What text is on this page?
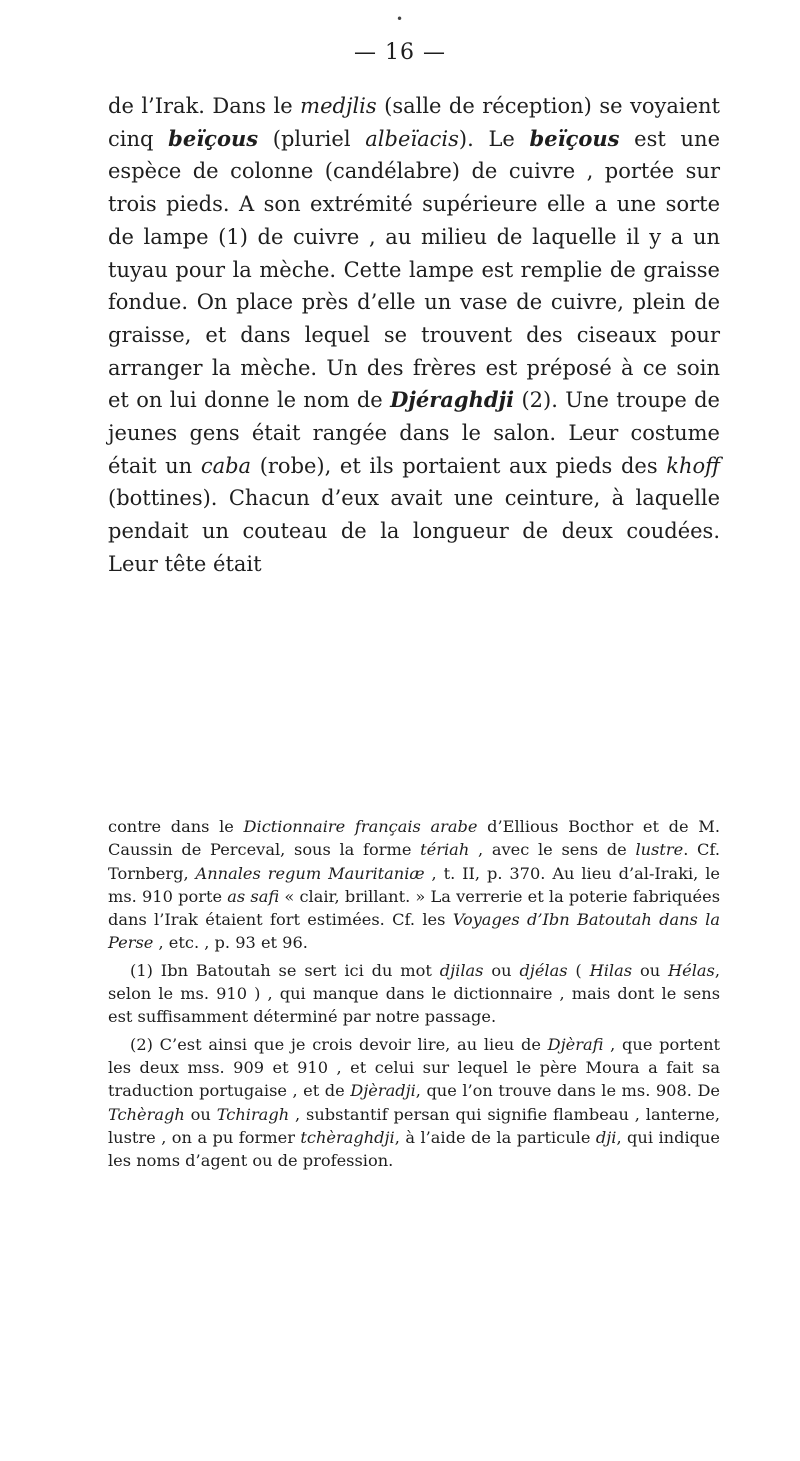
•
— 16 —

de l’Irak. Dans le medjlis (salle de réception) se voyaient cinq beïçous (pluriel albeïacis). Le beïçous est une espèce de colonne (candélabre) de cuivre , portée sur trois pieds. A son extrémité supérieure elle a une sorte de lampe (1) de cuivre , au milieu de laquelle il y a un tuyau pour la mèche. Cette lampe est remplie de graisse fondue. On place près d’elle un vase de cuivre, plein de graisse, et dans lequel se trouvent des ciseaux pour arranger la mèche. Un des frères est préposé à ce soin et on lui donne le nom de Djéraghdji (2). Une troupe de jeunes gens était rangée dans le salon. Leur costume était un caba (robe), et ils portaient aux pieds des khoff (bottines). Chacun d’eux avait une ceinture, à laquelle pendait un couteau de la longueur de deux coudées. Leur tête était

contre dans le Dictionnaire français arabe d’Ellious Bocthor et de M. Caussin de Perceval, sous la forme tériah , avec le sens de lustre. Cf. Tornberg, Annales regum Mauritaniæ , t. II, p. 370. Au lieu d’al-Iraki, le ms. 910 porte as safi « clair, brillant. » La verrerie et la poterie fabriquées dans l’Irak étaient fort estimées. Cf. les Voyages d’Ibn Batoutah dans la Perse , etc. , p. 93 et 96.

(1) Ibn Batoutah se sert ici du mot djilas ou djélas ( Hilas ou Hélas, selon le ms. 910 ) , qui manque dans le dictionnaire , mais dont le sens est suffisamment déterminé par notre passage.

(2) C’est ainsi que je crois devoir lire, au lieu de Djèrafi , que portent les deux mss. 909 et 910 , et celui sur lequel le père Moura a fait sa traduction portugaise , et de Djèradji, que l’on trouve dans le ms. 908. De Tchèragh ou Tchiragh , substantif persan qui signifie flambeau , lanterne, lustre , on a pu former tchèraghdji, à l’aide de la particule dji, qui indique les noms d’agent ou de profession.
